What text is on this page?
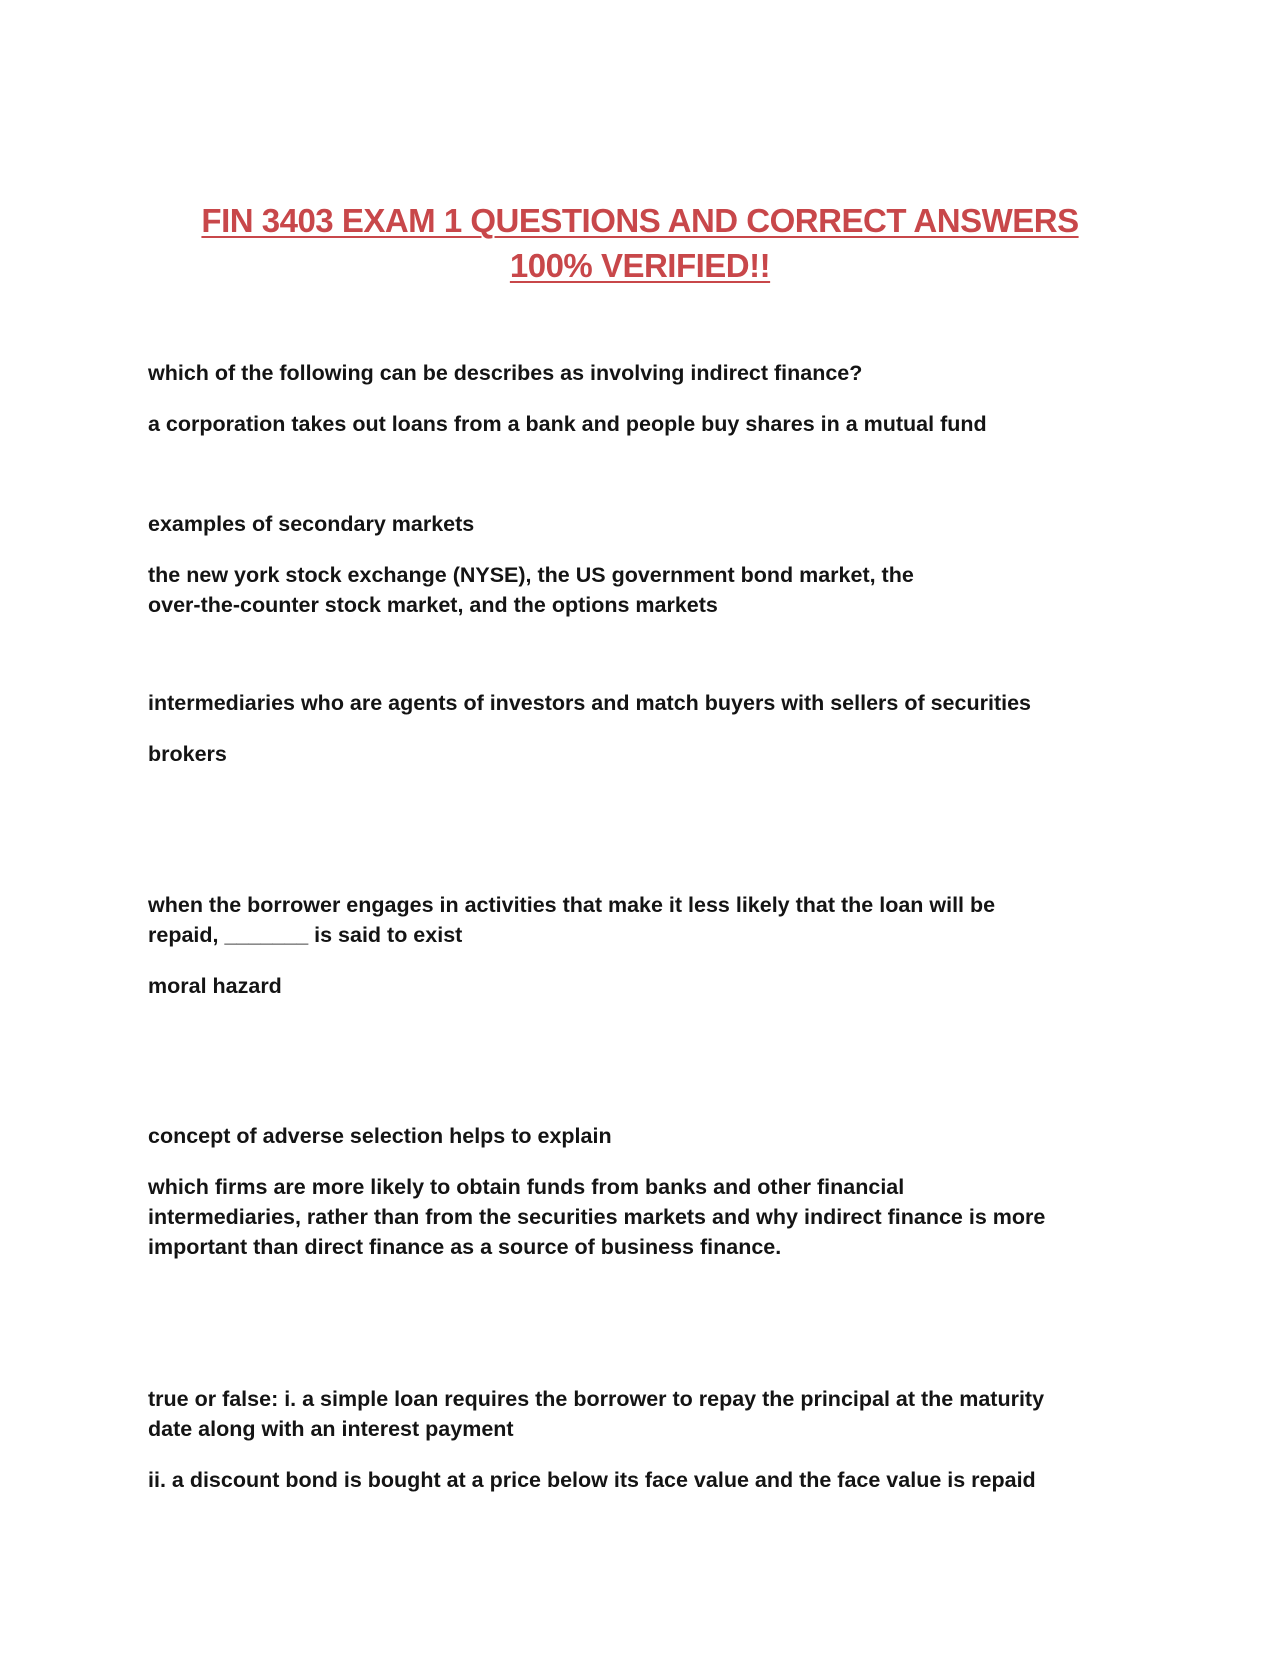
FIN 3403 EXAM 1 QUESTIONS AND CORRECT ANSWERS
100% VERIFIED!!

which of the following can be describes as involving indirect finance?

a corporation takes out loans from a bank and people buy shares in a mutual fund

examples of secondary markets

the new york stock exchange (NYSE), the US government bond market, the
over-the-counter stock market, and the options markets

intermediaries who are agents of investors and match buyers with sellers of securities

brokers

when the borrower engages in activities that make it less likely that the loan will be
repaid, _______ is said to exist

moral hazard

concept of adverse selection helps to explain

which firms are more likely to obtain funds from banks and other financial
intermediaries, rather than from the securities markets and why indirect finance is more
important than direct finance as a source of business finance.

true or false: i. a simple loan requires the borrower to repay the principal at the maturity
date along with an interest payment

ii. a discount bond is bought at a price below its face value and the face value is repaid
